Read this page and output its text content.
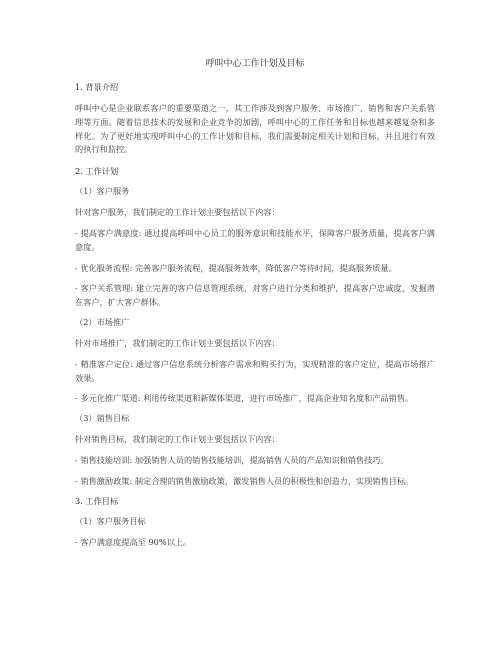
呼叫中心工作计划及目标
1. 背景介绍
呼叫中心是企业联系客户的重要渠道之一，其工作涉及到客户服务、市场推广、销售和客户关系管理等方面。随着信息技术的发展和企业竞争的加剧，呼叫中心的工作任务和目标也越来越复杂和多样化。为了更好地实现呼叫中心的工作计划和目标，我们需要制定相关计划和目标，并且进行有效的执行和监控。
2. 工作计划
（1）客户服务
针对客户服务，我们制定的工作计划主要包括以下内容：
- 提高客户满意度: 通过提高呼叫中心员工的服务意识和技能水平，保障客户服务质量，提高客户满意度。
- 优化服务流程: 完善客户服务流程，提高服务效率，降低客户等待时间，提高服务质量。
- 客户关系管理: 建立完善的客户信息管理系统，对客户进行分类和维护，提高客户忠诚度，发掘潜在客户，扩大客户群体。
（2）市场推广
针对市场推广，我们制定的工作计划主要包括以下内容：
- 精准客户定位: 通过客户信息系统分析客户需求和购买行为，实现精准的客户定位，提高市场推广效果。
- 多元化推广渠道: 利用传统渠道和新媒体渠道，进行市场推广，提高企业知名度和产品销售。
（3）销售目标
针对销售目标，我们制定的工作计划主要包括以下内容：
- 销售技能培训: 加强销售人员的销售技能培训，提高销售人员的产品知识和销售技巧。
- 销售激励政策: 制定合理的销售激励政策，激发销售人员的积极性和创造力，实现销售目标。
3. 工作目标
（1）客户服务目标
- 客户满意度提高至 90%以上。
